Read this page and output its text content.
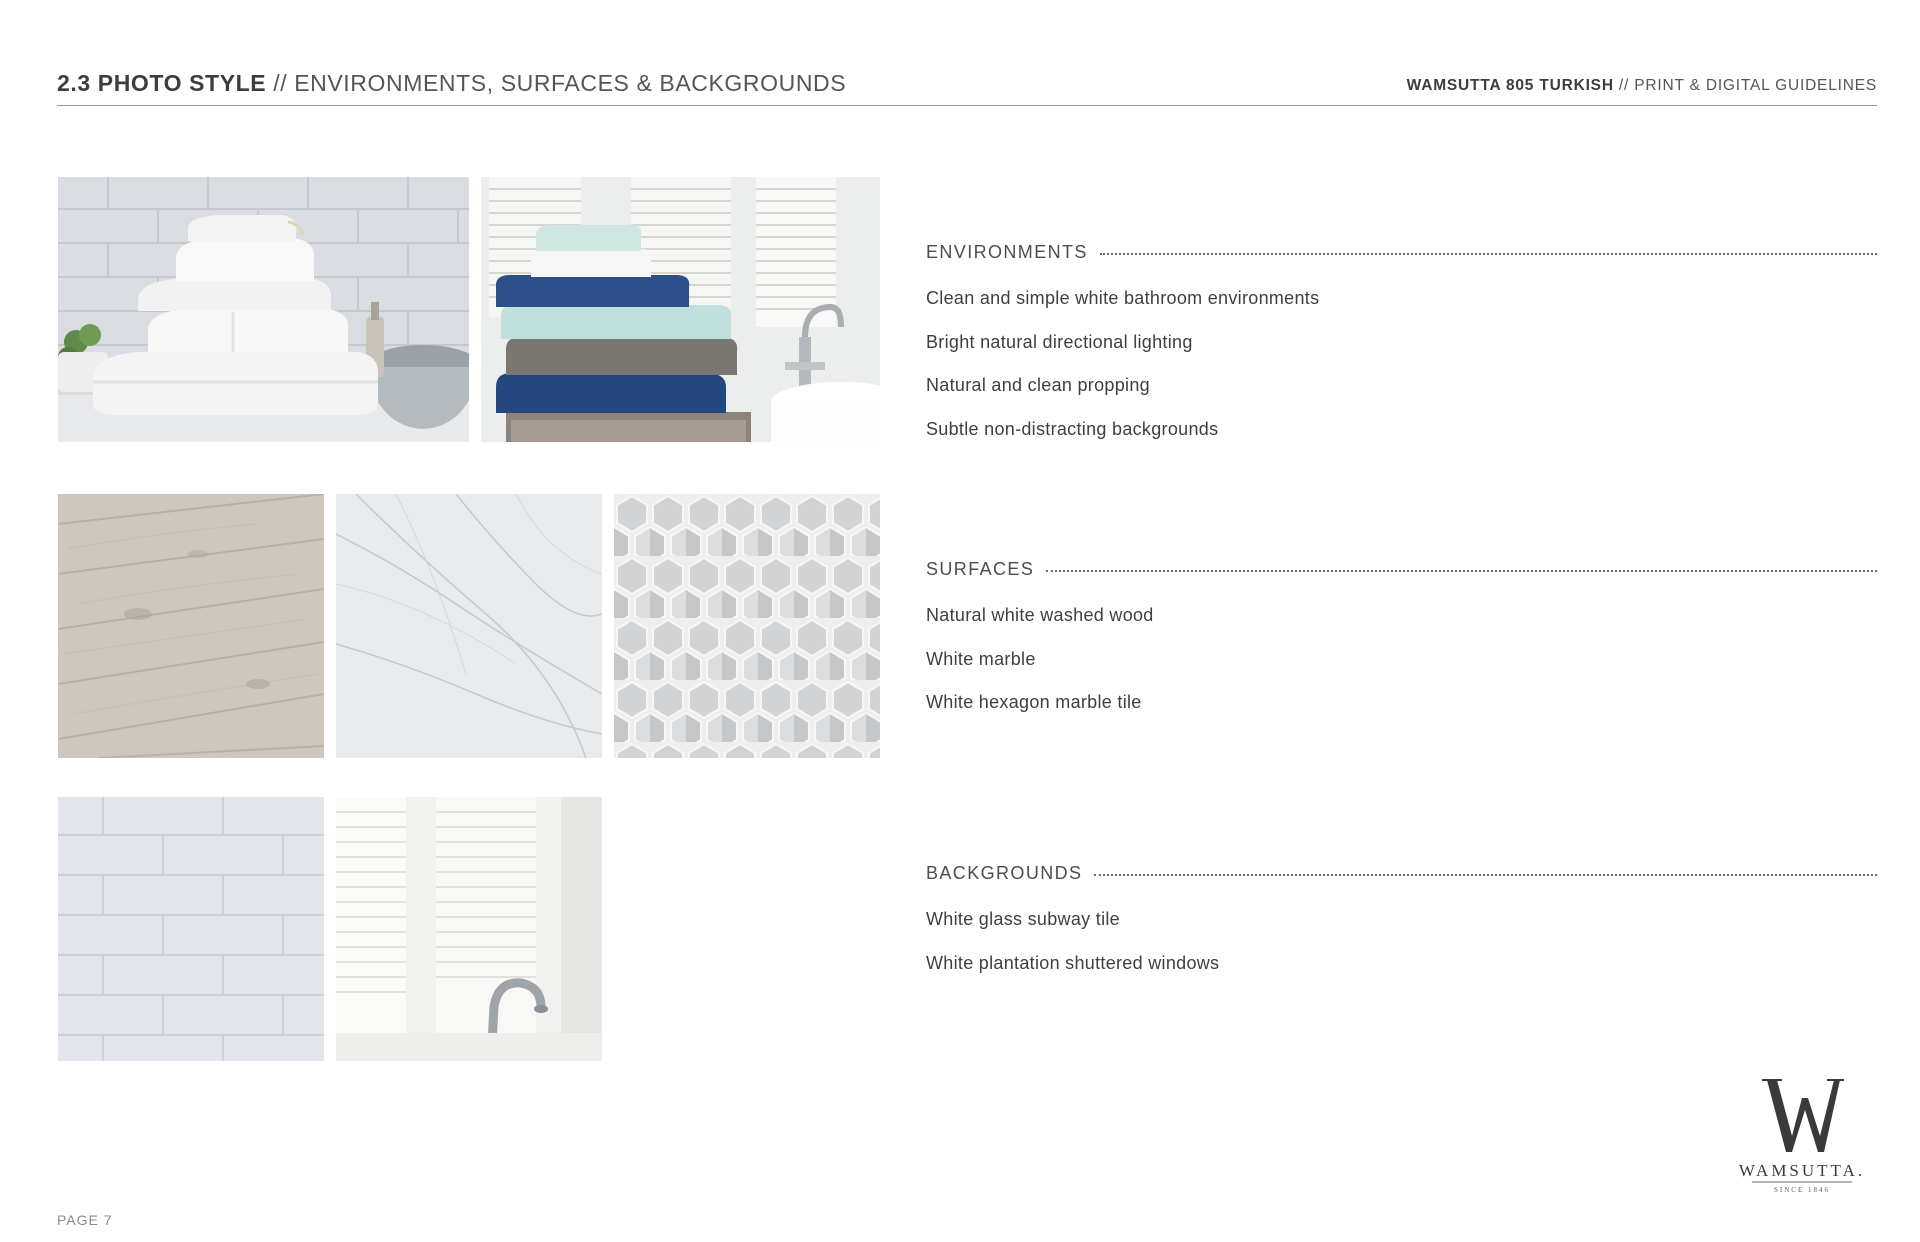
2.3 PHOTO STYLE // ENVIRONMENTS, SURFACES & BACKGROUNDS	WAMSUTTA 805 TURKISH // PRINT & DIGITAL GUIDELINES
ENVIRONMENTS
Clean and simple white bathroom environments
Bright natural directional lighting
Natural and clean propping
Subtle non-distracting backgrounds
SURFACES
Natural white washed wood
White marble
White hexagon marble tile
BACKGROUNDS
White glass subway tile
White plantation shuttered windows
WAMSUTTA.
SINCE 1846
PAGE 7
